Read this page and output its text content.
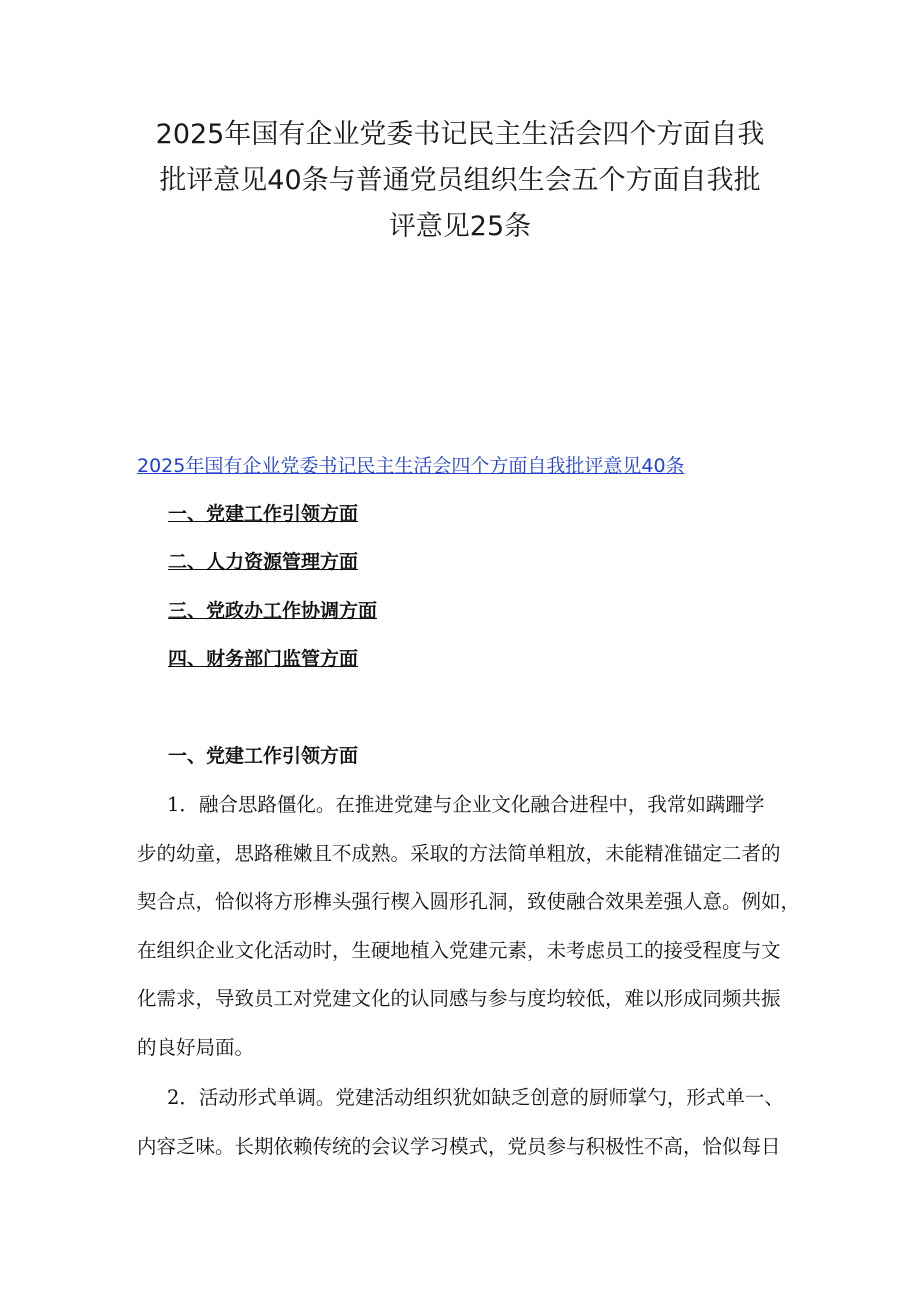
2025年国有企业党委书记民主生活会四个方面自我
批评意见40条与普通党员组织生会五个方面自我批
评意见25条
2025年国有企业党委书记民主生活会四个方面自我批评意见40条
一、党建工作引领方面
二、人力资源管理方面
三、党政办工作协调方面
四、财务部门监管方面
一、党建工作引领方面
1．融合思路僵化。在推进党建与企业文化融合进程中，我常如蹒跚学
步的幼童，思路稚嫩且不成熟。采取的方法简单粗放，未能精准锚定二者的
契合点，恰似将方形榫头强行楔入圆形孔洞，致使融合效果差强人意。例如，
在组织企业文化活动时，生硬地植入党建元素，未考虑员工的接受程度与文
化需求，导致员工对党建文化的认同感与参与度均较低，难以形成同频共振
的良好局面。
2．活动形式单调。党建活动组织犹如缺乏创意的厨师掌勺，形式单一、
内容乏味。长期依赖传统的会议学习模式，党员参与积极性不高，恰似每日
